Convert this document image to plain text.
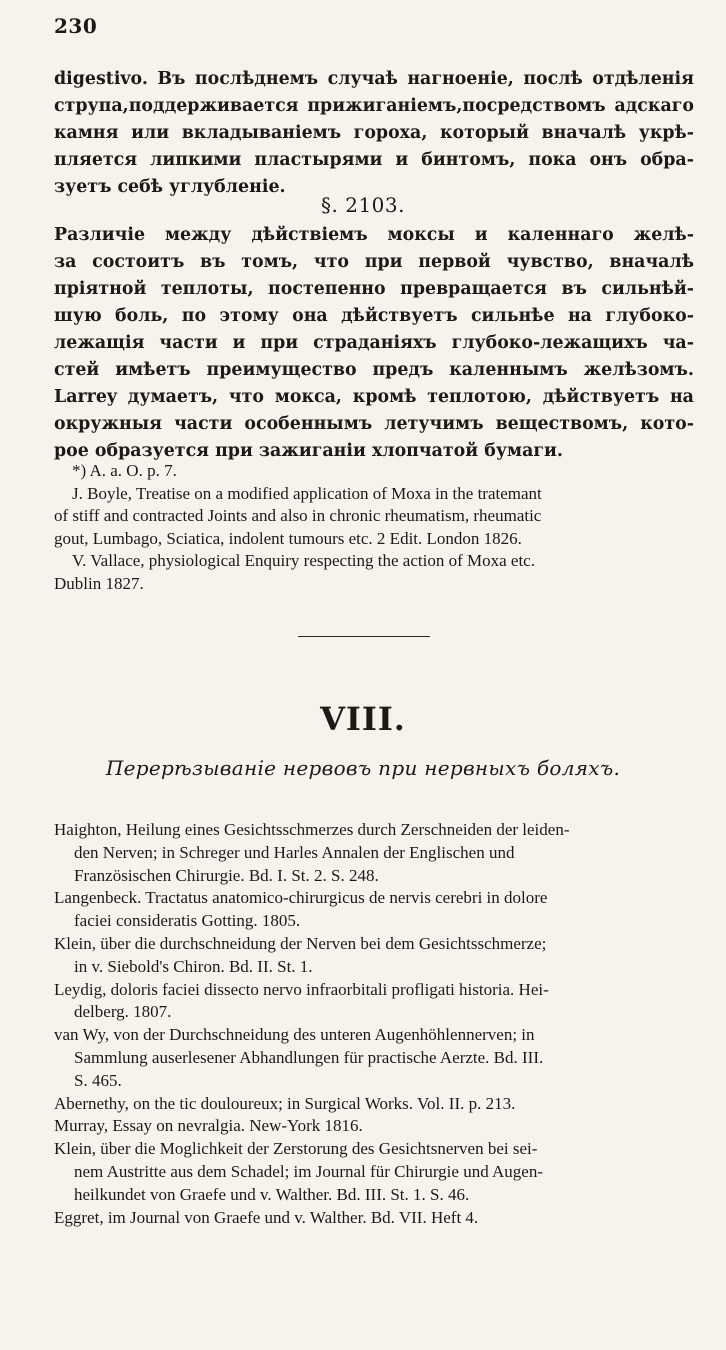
230
digestivo. Въ послѣднемъ случаѣ нагноеніе, послѣ отдѣленія
струпа,поддерживается прижиганіемъ,посредствомъ адскаго
камня или вкладываніемъ гороха, который вначалѣ укрѣ-
пляется липкими пластырями и бинтомъ, пока онъ обра-
зуетъ себѣ углубленіе.
§. 2103.
Различіе между дѣйствіемъ моксы и каленнаго желѣ-
за состоитъ въ томъ, что при первой чувство, вначалѣ
пріятной теплоты, постепенно превращается въ сильнѣй-
шую боль, по этому она дѣйствуетъ сильнѣе на глубоко-
лежащія части и при страданіяхъ глубоко-лежащихъ ча-
стей имѣетъ преимущество предъ каленнымъ желѣзомъ.
Larrey думаетъ, что мокса, кромѣ теплотою, дѣйствуетъ на
окружныя части особеннымъ летучимъ веществомъ, кото-
рое образуется при зажиганіи хлопчатой бумаги.
*) A. a. O. p. 7.
J. Boyle, Treatise on a modified application of Moxa in the tratemant
of stiff and contracted Joints and also in chronic rheumatism, rheumatic
gout, Lumbago, Sciatica, indolent tumours etc. 2 Edit. London 1826.
V. Vallace, physiological Enquiry respecting the action of Moxa etc.
Dublin 1827.
VIII.
Перерѣзываніе нервовъ при нервныхъ боляхъ.
Haighton, Heilung eines Gesichtsschmerzes durch Zerschneiden der leiden-
den Nerven; in Schreger und Harles Annalen der Englischen und
Französischen Chirurgie. Bd. I. St. 2. S. 248.
Langenbeck. Tractatus anatomico-chirurgicus de nervis cerebri in dolore
faciei consideratis Gotting. 1805.
Klein, über die durchschneidung der Nerven bei dem Gesichtsschmerze;
in v. Siebold's Chiron. Bd. II. St. 1.
Leydig, doloris faciei dissecto nervo infraorbitali profligati historia. Hei-
delberg. 1807.
van Wy, von der Durchschneidung des unteren Augenhöhlennerven; in
Sammlung auserlesener Abhandlungen für practische Aerzte. Bd. III.
S. 465.
Abernethy, on the tic douloureux; in Surgical Works. Vol. II. p. 213.
Murray, Essay on nevralgia. New-York 1816.
Klein, über die Moglichkeit der Zerstorung des Gesichtsnerven bei sei-
nem Austritte aus dem Schadel; im Journal für Chirurgie und Augen-
heilkundet von Graefe und v. Walther. Bd. III. St. 1. S. 46.
Eggret, im Journal von Graefe und v. Walther. Bd. VII. Heft 4.
